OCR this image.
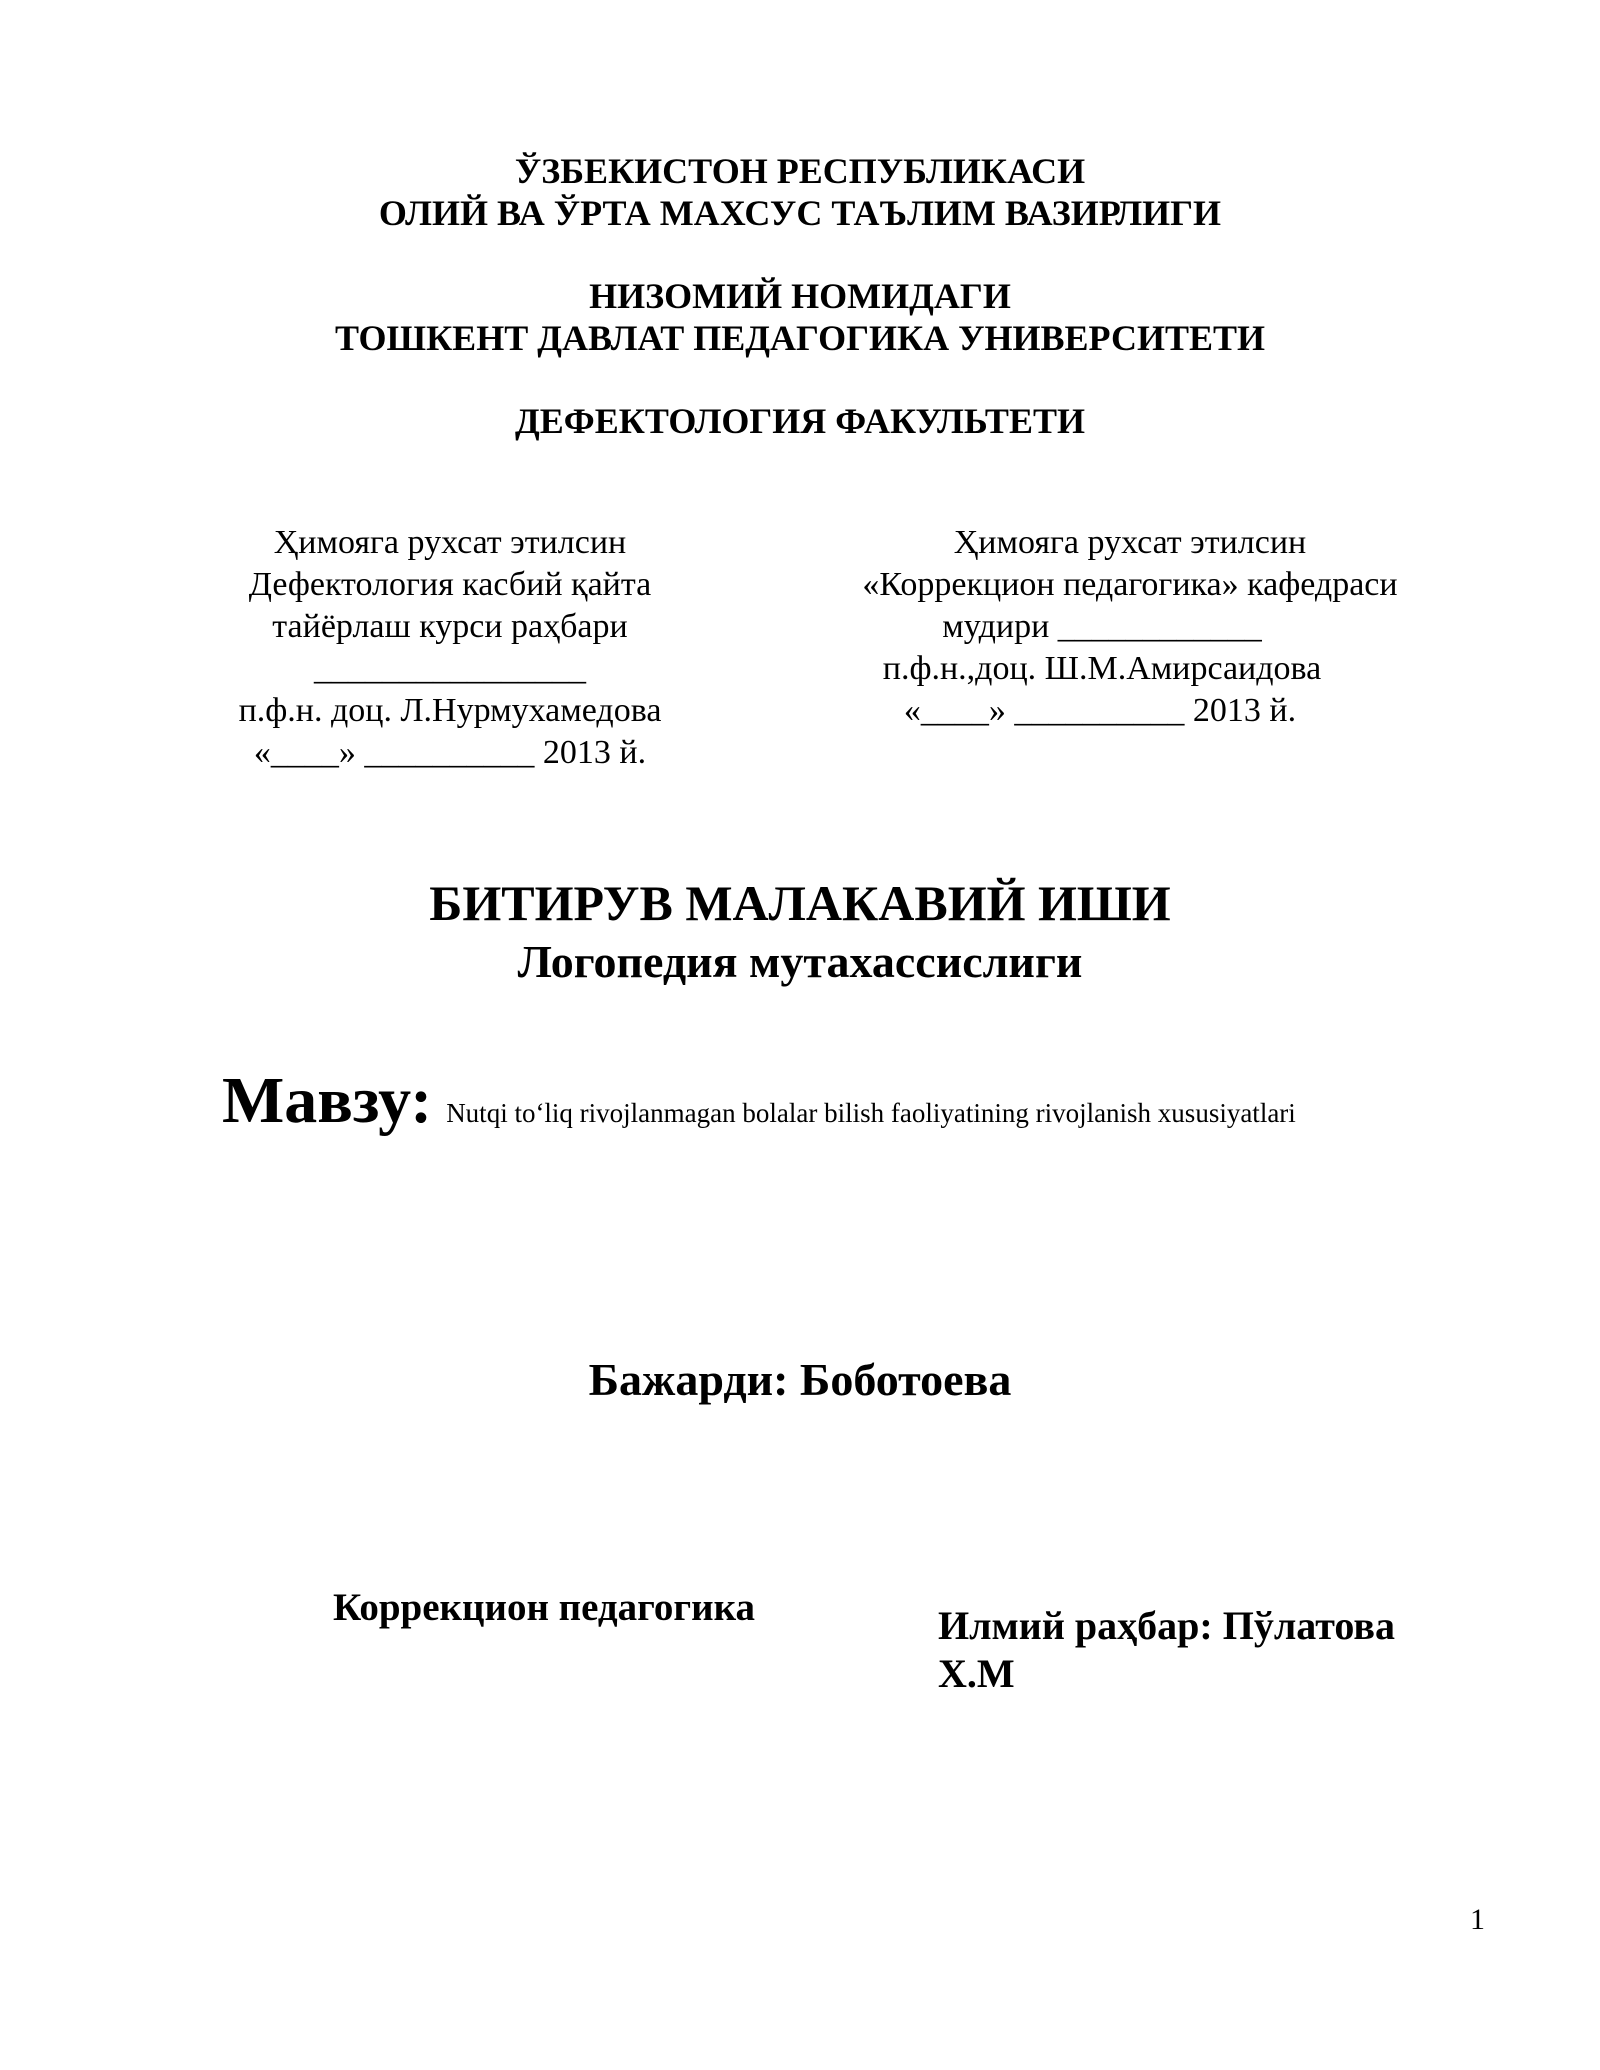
ЎЗБЕКИСТОН РЕСПУБЛИКАСИ
ОЛИЙ ВА ЎРТА МАХСУС ТАЪЛИМ ВАЗИРЛИГИ
НИЗОМИЙ НОМИДАГИ
ТОШКЕНТ ДАВЛАТ ПЕДАГОГИКА УНИВЕРСИТЕТИ
ДЕФЕКТОЛОГИЯ ФАКУЛЬТЕТИ
Ҳимояга рухсат этилсин
Дефектология касбий қайта
тайёрлаш курси раҳбари
________________
п.ф.н. доц. Л.Нурмухамедова
«____» __________ 2013 й.
Ҳимояга рухсат этилсин
«Коррекцион педагогика» кафедраси
мудири ____________
п.ф.н.,доц. Ш.М.Амирсаидова
«____» __________ 2013 й.
БИТИРУВ МАЛАКАВИЙ ИШИ
Логопедия мутахассислиги
Мавзу: Nutqi toʻliq rivojlanmagan bolalar bilish faoliyatining rivojlanish xususiyatlari
Бажарди: Боботоева
Коррекцион педагогика	Илмий раҳбар: Пўлатова
Х.М
1
